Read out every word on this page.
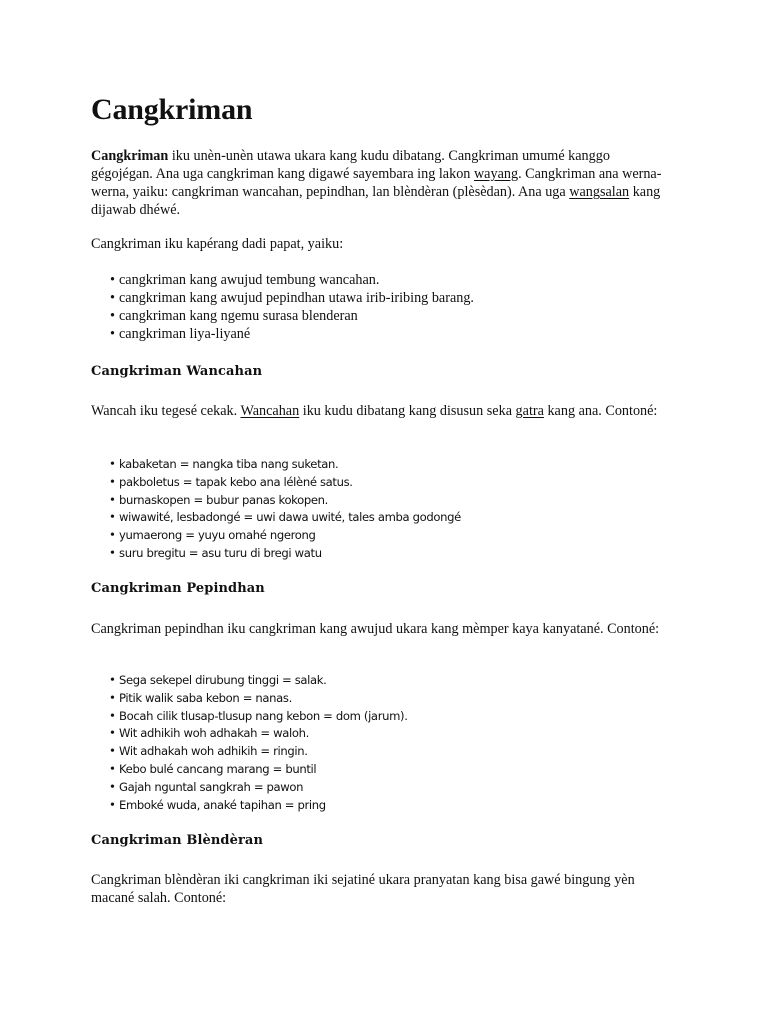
Cangkriman

Cangkriman iku unèn-unèn utawa ukara kang kudu dibatang. Cangkriman umumé kanggo gégojégan. Ana uga cangkriman kang digawé sayembara ing lakon wayang. Cangkriman ana werna-werna, yaiku: cangkriman wancahan, pepindhan, lan blèndèran (plèsèdan). Ana uga wangsalan kang dijawab dhéwé.

Cangkriman iku kapérang dadi papat, yaiku:

• cangkriman kang awujud tembung wancahan.
• cangkriman kang awujud pepindhan utawa irib-iribing barang.
• cangkriman kang ngemu surasa blenderan
• cangkriman liya-liyané
Cangkriman Wancahan

Wancah iku tegesé cekak. Wancahan iku kudu dibatang kang disusun seka gatra kang ana. Contoné:

• kabaketan = nangka tiba nang suketan.
• pakboletus = tapak kebo ana lélèné satus.
• burnaskopen = bubur panas kokopen.
• wiwawité, lesbadongé = uwi dawa uwité, tales amba godongé
• yumaerong = yuyu omahé ngerong
• suru bregitu = asu turu di bregi watu
Cangkriman Pepindhan

Cangkriman pepindhan iku cangkriman kang awujud ukara kang mèmper kaya kanyatané. Contoné:

• Sega sekepel dirubung tinggi = salak.
• Pitik walik saba kebon = nanas.
• Bocah cilik tlusap-tlusup nang kebon = dom (jarum).
• Wit adhikih woh adhakah = waloh.
• Wit adhakah woh adhikih = ringin.
• Kebo bulé cancang marang = buntil
• Gajah nguntal sangkrah = pawon
• Emboké wuda, anaké tapihan = pring
Cangkriman Blèndèran

Cangkriman blèndèran iki cangkriman iki sejatiné ukara pranyatan kang bisa gawé bingung yèn macané salah. Contoné:
